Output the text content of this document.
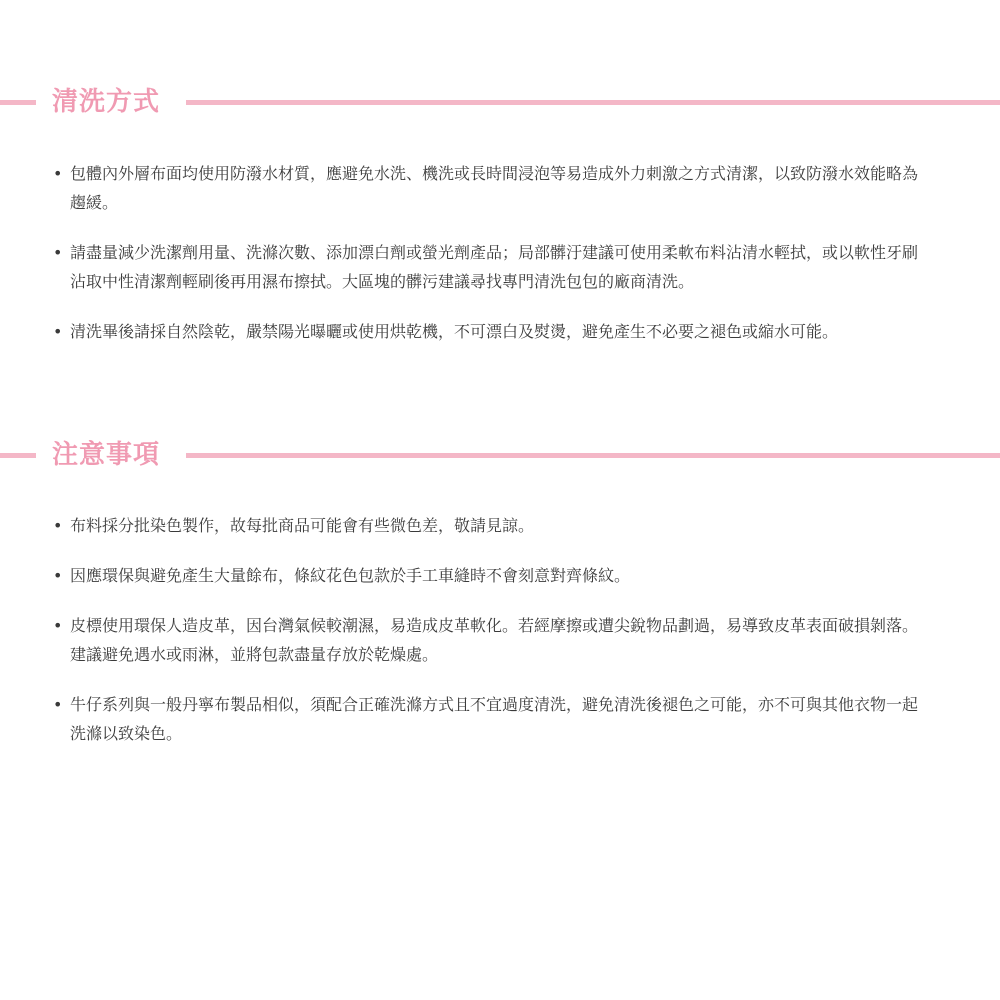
清洗方式
• 包體內外層布面均使用防潑水材質，應避免水洗、機洗或長時間浸泡等易造成外力刺激之方式清潔，以致防潑水效能略為趨緩。
• 請盡量減少洗潔劑用量、洗滌次數、添加漂白劑或螢光劑產品；局部髒汙建議可使用柔軟布料沾清水輕拭，或以軟性牙刷沾取中性清潔劑輕刷後再用濕布擦拭。大區塊的髒污建議尋找專門清洗包包的廠商清洗。
• 清洗畢後請採自然陰乾，嚴禁陽光曝曬或使用烘乾機，不可漂白及熨燙，避免產生不必要之褪色或縮水可能。
注意事項
• 布料採分批染色製作，故每批商品可能會有些微色差，敬請見諒。
• 因應環保與避免產生大量餘布，條紋花色包款於手工車縫時不會刻意對齊條紋。
• 皮標使用環保人造皮革，因台灣氣候較潮濕，易造成皮革軟化。若經摩擦或遭尖銳物品劃過，易導致皮革表面破損剝落。建議避免遇水或雨淋，並將包款盡量存放於乾燥處。
• 牛仔系列與一般丹寧布製品相似，須配合正確洗滌方式且不宜過度清洗，避免清洗後褪色之可能，亦不可與其他衣物一起洗滌以致染色。
